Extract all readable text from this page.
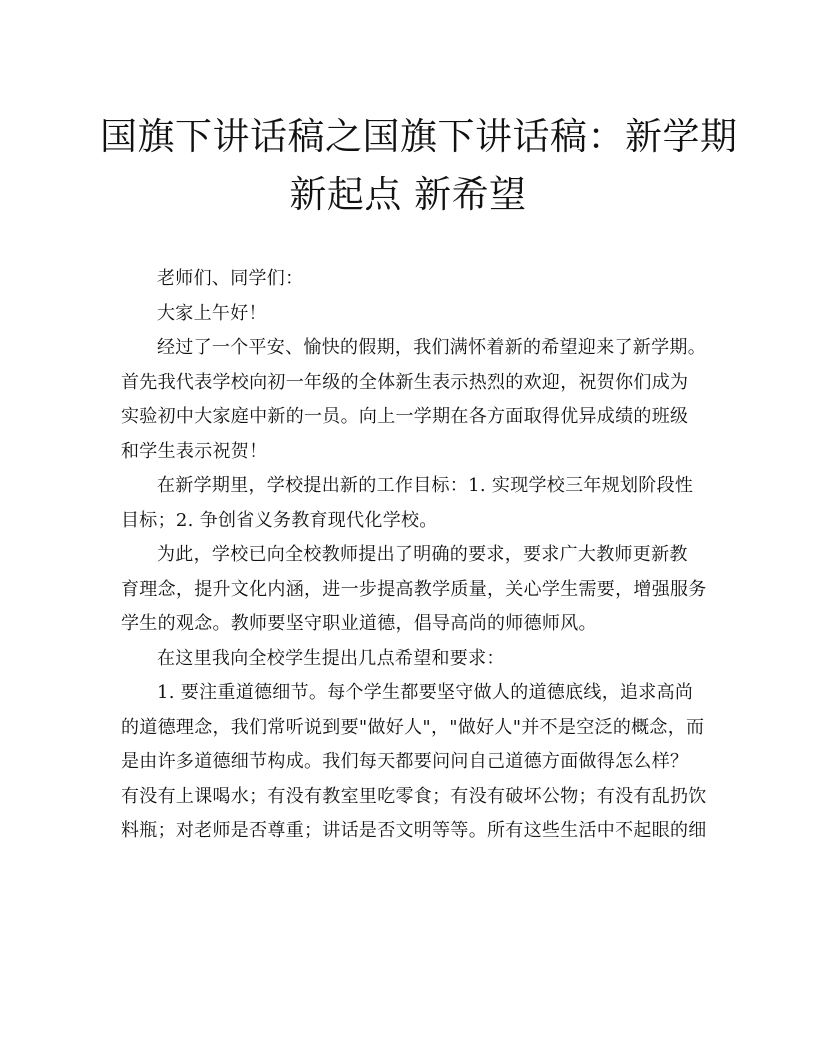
国旗下讲话稿之国旗下讲话稿：新学期
新起点 新希望

老师们、同学们：

大家上午好！

经过了一个平安、愉快的假期，我们满怀着新的希望迎来了新学期。
首先我代表学校向初一年级的全体新生表示热烈的欢迎，祝贺你们成为
实验初中大家庭中新的一员。向上一学期在各方面取得优异成绩的班级
和学生表示祝贺！

在新学期里，学校提出新的工作目标：1. 实现学校三年规划阶段性
目标；2. 争创省义务教育现代化学校。

为此，学校已向全校教师提出了明确的要求，要求广大教师更新教
育理念，提升文化内涵，进一步提高教学质量，关心学生需要，增强服务
学生的观念。教师要坚守职业道德，倡导高尚的师德师风。

在这里我向全校学生提出几点希望和要求：

1. 要注重道德细节。每个学生都要坚守做人的道德底线，追求高尚
的道德理念，我们常听说到要"做好人"，"做好人"并不是空泛的概念，而
是由许多道德细节构成。我们每天都要问问自己道德方面做得怎么样？
有没有上课喝水；有没有教室里吃零食；有没有破坏公物；有没有乱扔饮
料瓶；对老师是否尊重；讲话是否文明等等。所有这些生活中不起眼的细
